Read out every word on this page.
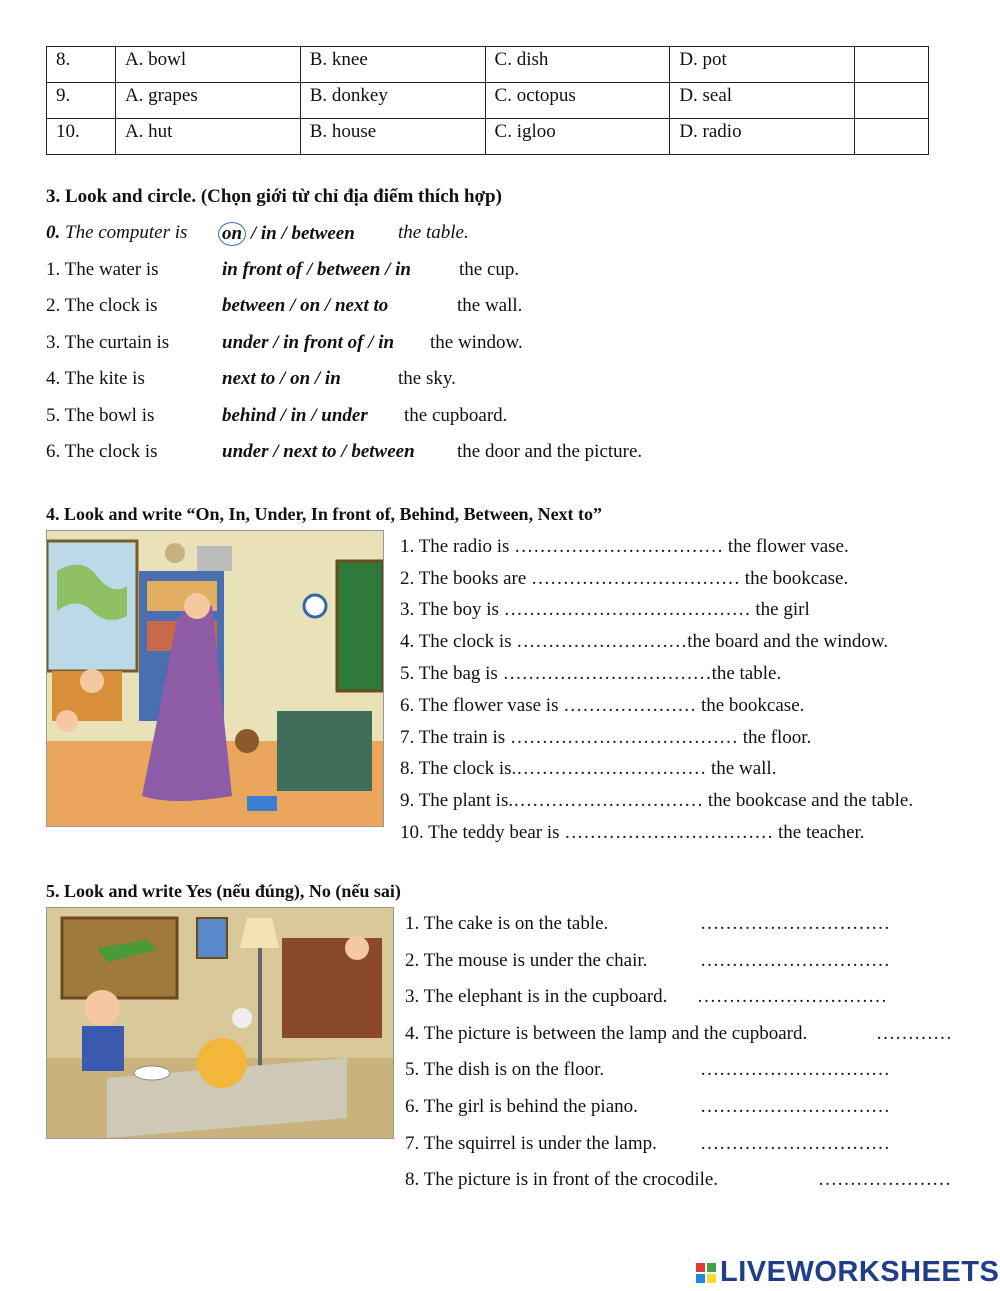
8.	A. bowl	B. knee	C. dish	D. pot	

9.	A. grapes	B. donkey	C. octopus	D. seal	

10.	A. hut	B. house	C. igloo	D. radio	
3. Look and circle. (Chọn giới từ chỉ địa điểm thích hợp)
0. The computer is on / in / between the table.
1. The water is	in front of / between / in	the cup.
2. The clock is	between / on / next to	the wall.
3. The curtain is	under / in front of / in the window.
4. The kite is	next to / on / in	the sky.
5. The bowl is	behind / in / under the cupboard.
6. The clock is	under / next to / between the door and the picture.
4. Look and write “On, In, Under, In front of, Behind, Between, Next to”
1. The radio is …………………………… the flower vase.
2. The books are …………………………… the bookcase.
3. The boy is ………………………………… the girl
4. The clock is ………………………the board and the window.
5. The bag is ……………………………the table.
6. The flower vase is ………………… the bookcase.
7. The train is ……………………………… the floor.
8. The clock is.………………………… the wall.
9. The plant is.………………………… the bookcase and the table.
10. The teddy bear is …………………………… the teacher.
5. Look and write Yes (nếu đúng), No (nếu sai)
1. The cake is on the table.	…………………………
2. The mouse is under the chair.	…………………………
3. The elephant is in the cupboard. …………………………
4. The picture is between the lamp and the cupboard.	…………
5. The dish is on the floor.	…………………………
6. The girl is behind the piano.	…………………………
7. The squirrel is under the lamp. …………………………
8. The picture is in front of the crocodile.	…………………
LIVEWORKSHEETS
